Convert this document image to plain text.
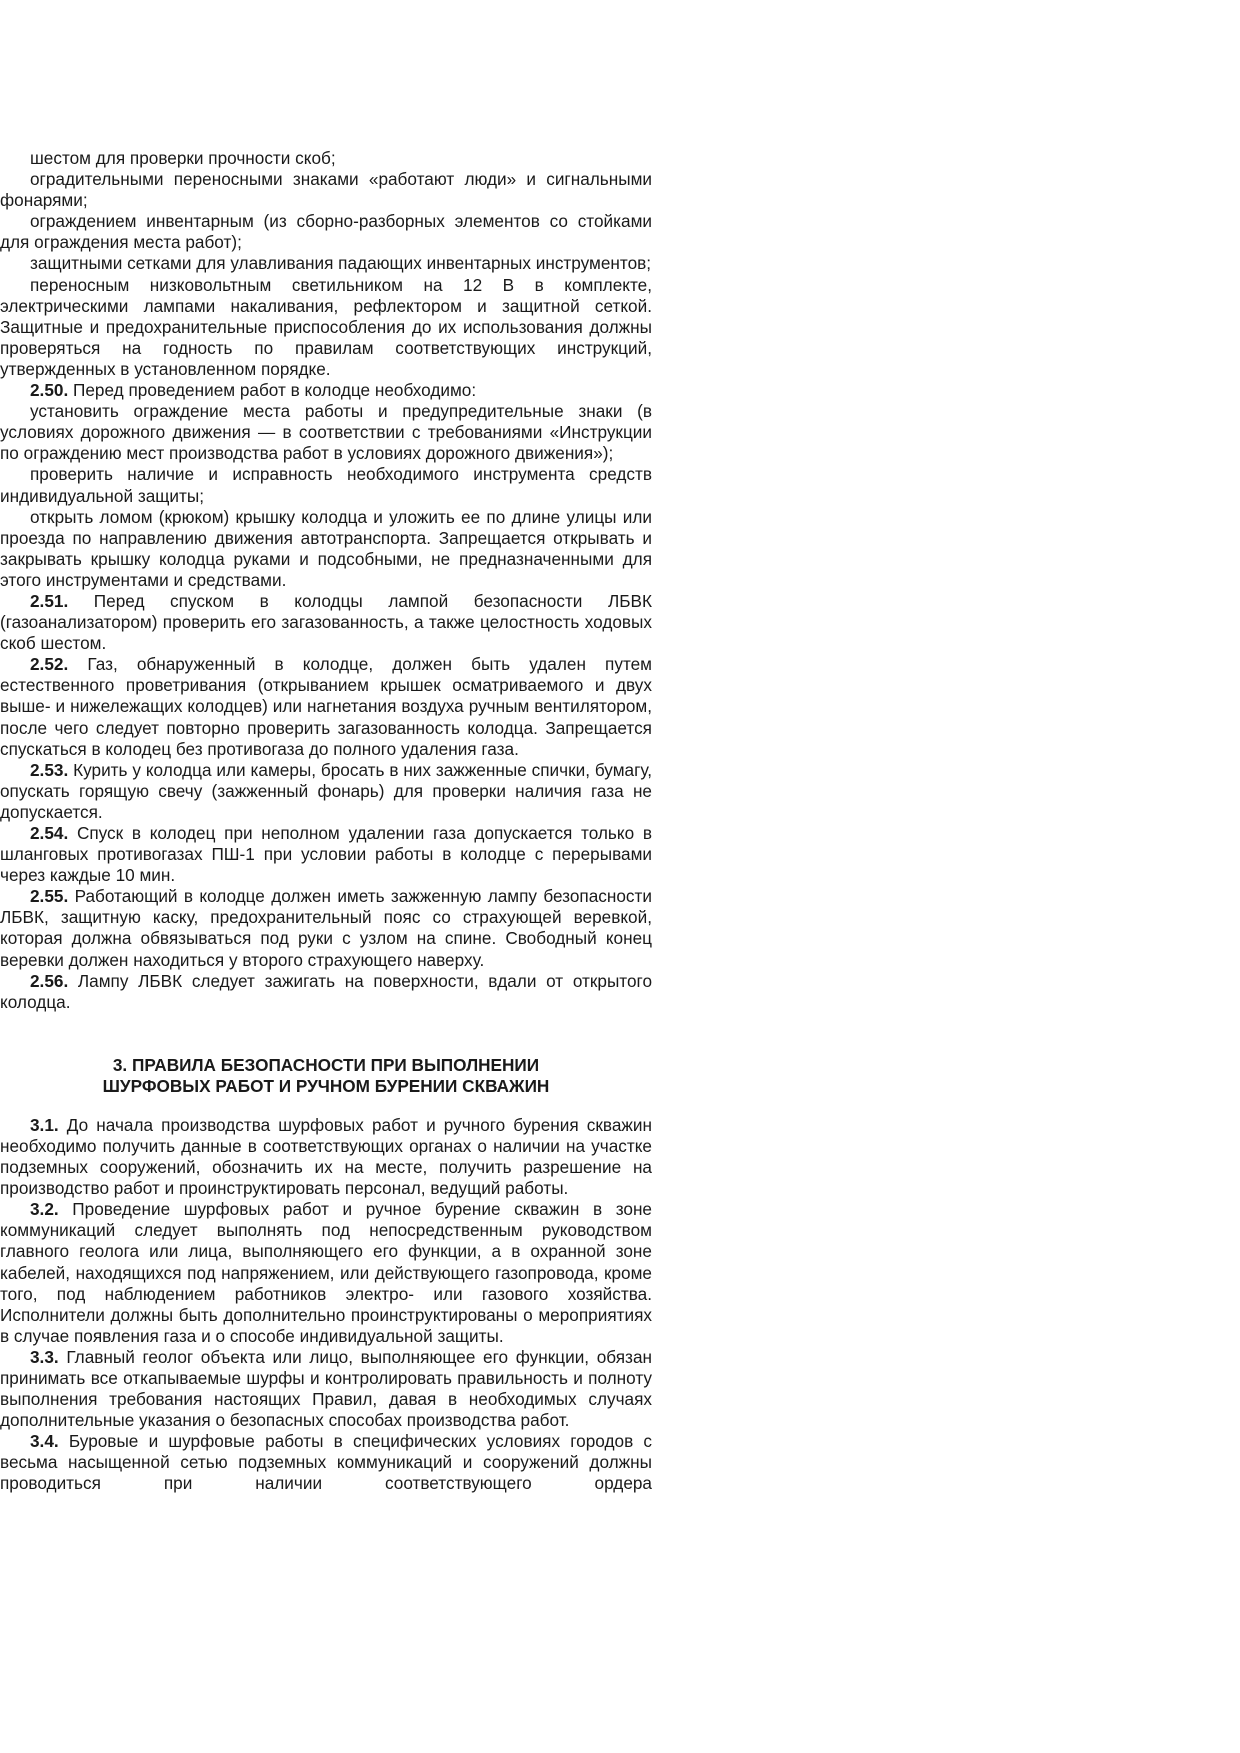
шестом для проверки прочности скоб;

оградительными переносными знаками «работают люди» и сигнальными фонарями;

ограждением инвентарным (из сборно-разборных элементов со стойками для ограждения места работ);

защитными сетками для улавливания падающих инвентарных инструментов;

переносным низковольтным светильником на 12 В в комплекте, электрическими лампами накаливания, рефлектором и защитной сеткой. Защитные и предохранительные приспособления до их использования должны проверяться на годность по правилам соответствующих инструкций, утвержденных в установленном порядке.

2.50. Перед проведением работ в колодце необходимо:

установить ограждение места работы и предупредительные знаки (в условиях дорожного движения — в соответствии с требованиями «Инструкции по ограждению мест производства работ в условиях дорожного движения»);

проверить наличие и исправность необходимого инструмента средств индивидуальной защиты;

открыть ломом (крюком) крышку колодца и уложить ее по длине улицы или проезда по направлению движения автотранспорта. Запрещается открывать и закрывать крышку колодца руками и подсобными, не предназначенными для этого инструментами и средствами.

2.51. Перед спуском в колодцы лампой безопасности ЛБВК (газоанализатором) проверить его загазованность, а также целостность ходовых скоб шестом.

2.52. Газ, обнаруженный в колодце, должен быть удален путем естественного проветривания (открыванием крышек осматриваемого и двух выше- и нижележащих колодцев) или нагнетания воздуха ручным вентилятором, после чего следует повторно проверить загазованность колодца. Запрещается спускаться в колодец без противогаза до полного удаления газа.

2.53. Курить у колодца или камеры, бросать в них зажженные спички, бумагу, опускать горящую свечу (зажженный фонарь) для проверки наличия газа не допускается.

2.54. Спуск в колодец при неполном удалении газа допускается только в шланговых противогазах ПШ-1 при условии работы в колодце с перерывами через каждые 10 мин.

2.55. Работающий в колодце должен иметь зажженную лампу безопасности ЛБВК, защитную каску, предохранительный пояс со страхующей веревкой, которая должна обвязываться под руки с узлом на спине. Свободный конец веревки должен находиться у второго страхующего наверху.

2.56. Лампу ЛБВК следует зажигать на поверхности, вдали от открытого колодца.

3. ПРАВИЛА БЕЗОПАСНОСТИ ПРИ ВЫПОЛНЕНИИ
ШУРФОВЫХ РАБОТ И РУЧНОМ БУРЕНИИ СКВАЖИН

3.1. До начала производства шурфовых работ и ручного бурения скважин необходимо получить данные в соответствующих органах о наличии на участке подземных сооружений, обозначить их на месте, получить разрешение на производство работ и проинструктировать персонал, ведущий работы.

3.2. Проведение шурфовых работ и ручное бурение скважин в зоне коммуникаций следует выполнять под непосредственным руководством главного геолога или лица, выполняющего его функции, а в охранной зоне кабелей, находящихся под напряжением, или действующего газопровода, кроме того, под наблюдением работников электро- или газового хозяйства. Исполнители должны быть дополнительно проинструктированы о мероприятиях в случае появления газа и о способе индивидуальной защиты.

3.3. Главный геолог объекта или лицо, выполняющее его функции, обязан принимать все откапываемые шурфы и контролировать правильность и полноту выполнения требования настоящих Правил, давая в необходимых случаях дополнительные указания о безопасных способах производства работ.

3.4. Буровые и шурфовые работы в специфических условиях городов с весьма насыщенной сетью подземных коммуникаций и сооружений должны проводиться при наличии соответствующего ордера
